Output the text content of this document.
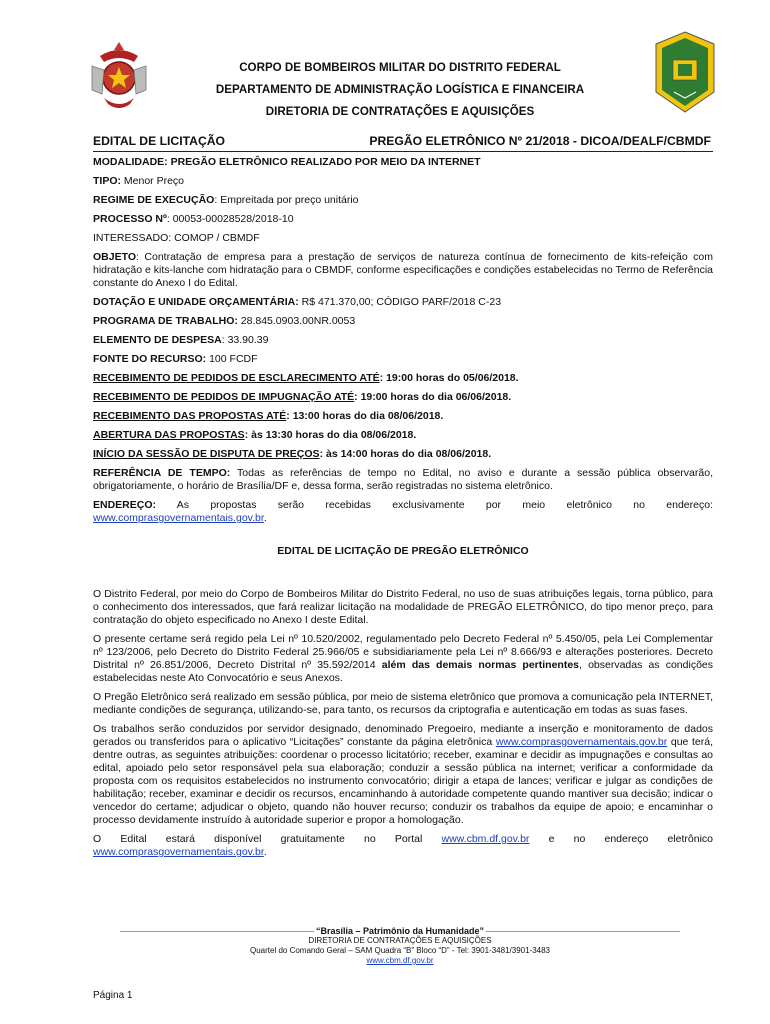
CORPO DE BOMBEIROS MILITAR DO DISTRITO FEDERAL
DEPARTAMENTO DE ADMINISTRAÇÃO LOGÍSTICA E FINANCEIRA
DIRETORIA DE CONTRATAÇÕES E AQUISIÇÕES
EDITAL DE LICITAÇÃO	PREGÃO ELETRÔNICO Nº 21/2018 - DICOA/DEALF/CBMDF

MODALIDADE: PREGÃO ELETRÔNICO REALIZADO POR MEIO DA INTERNET

TIPO: Menor Preço

REGIME DE EXECUÇÃO: Empreitada por preço unitário

PROCESSO Nº: 00053-00028528/2018-10

INTERESSADO: COMOP / CBMDF

OBJETO: Contratação de empresa para a prestação de serviços de natureza contínua de fornecimento de kits-refeição com hidratação e kits-lanche com hidratação para o CBMDF, conforme especificações e condições estabelecidas no Termo de Referência constante do Anexo I do Edital.

DOTAÇÃO E UNIDADE ORÇAMENTÁRIA: R$ 471.370,00; CÓDIGO PARF/2018 C-23

PROGRAMA DE TRABALHO: 28.845.0903.00NR.0053

ELEMENTO DE DESPESA: 33.90.39

FONTE DO RECURSO: 100 FCDF

RECEBIMENTO DE PEDIDOS DE ESCLARECIMENTO ATÉ: 19:00 horas do 05/06/2018.

RECEBIMENTO DE PEDIDOS DE IMPUGNAÇÃO ATÉ: 19:00 horas do dia 06/06/2018.

RECEBIMENTO DAS PROPOSTAS ATÉ: 13:00 horas do dia 08/06/2018.

ABERTURA DAS PROPOSTAS: às 13:30 horas do dia 08/06/2018.

INÍCIO DA SESSÃO DE DISPUTA DE PREÇOS: às 14:00 horas do dia 08/06/2018.

REFERÊNCIA DE TEMPO: Todas as referências de tempo no Edital, no aviso e durante a sessão pública observarão, obrigatoriamente, o horário de Brasília/DF e, dessa forma, serão registradas no sistema eletrônico.

ENDEREÇO: As propostas serão recebidas exclusivamente por meio eletrônico no endereço:

www.comprasgovernamentais.gov.br.

EDITAL DE LICITAÇÃO DE PREGÃO ELETRÔNICO

O Distrito Federal, por meio do Corpo de Bombeiros Militar do Distrito Federal, no uso de suas atribuições legais, torna público, para o conhecimento dos interessados, que fará realizar licitação na modalidade de PREGÃO ELETRÔNICO, do tipo menor preço, para contratação do objeto especificado no Anexo I deste Edital.

O presente certame será regido pela Lei nº 10.520/2002, regulamentado pelo Decreto Federal nº 5.450/05, pela Lei Complementar nº 123/2006, pelo Decreto do Distrito Federal 25.966/05 e subsidiariamente pela Lei nº 8.666/93 e alterações posteriores. Decreto Distrital nº 26.851/2006, Decreto Distrital nº 35.592/2014 além das demais normas pertinentes, observadas as condições estabelecidas neste Ato Convocatório e seus Anexos.

O Pregão Eletrônico será realizado em sessão pública, por meio de sistema eletrônico que promova a comunicação pela INTERNET, mediante condições de segurança, utilizando-se, para tanto, os recursos da criptografia e autenticação em todas as suas fases.

Os trabalhos serão conduzidos por servidor designado, denominado Pregoeiro, mediante a inserção e monitoramento de dados gerados ou transferidos para o aplicativo “Licitações” constante da página eletrônica www.comprasgovernamentais.gov.br que terá, dentre outras, as seguintes atribuições: coordenar o processo licitatório; receber, examinar e decidir as impugnações e consultas ao edital, apoiado pelo setor responsável pela sua elaboração; conduzir a sessão pública na internet; verificar a conformidade da proposta com os requisitos estabelecidos no instrumento convocatório; dirigir a etapa de lances; verificar e julgar as condições de habilitação; receber, examinar e decidir os recursos, encaminhando à autoridade competente quando mantiver sua decisão; indicar o vencedor do certame; adjudicar o objeto, quando não houver recurso; conduzir os trabalhos da equipe de apoio; e encaminhar o processo devidamente instruído à autoridade superior e propor a homologação.

O Edital estará disponível gratuitamente no Portal www.cbm.df.gov.br e no endereço eletrônico

www.comprasgovernamentais.gov.br.

“Brasília – Patrimônio da Humanidade”
DIRETORIA DE CONTRATAÇÕES E AQUISIÇÕES
Quartel do Comando Geral – SAM Quadra “B” Bloco “D” - Tel: 3901-3481/3901-3483
www.cbm.df.gov.br
Página 1
